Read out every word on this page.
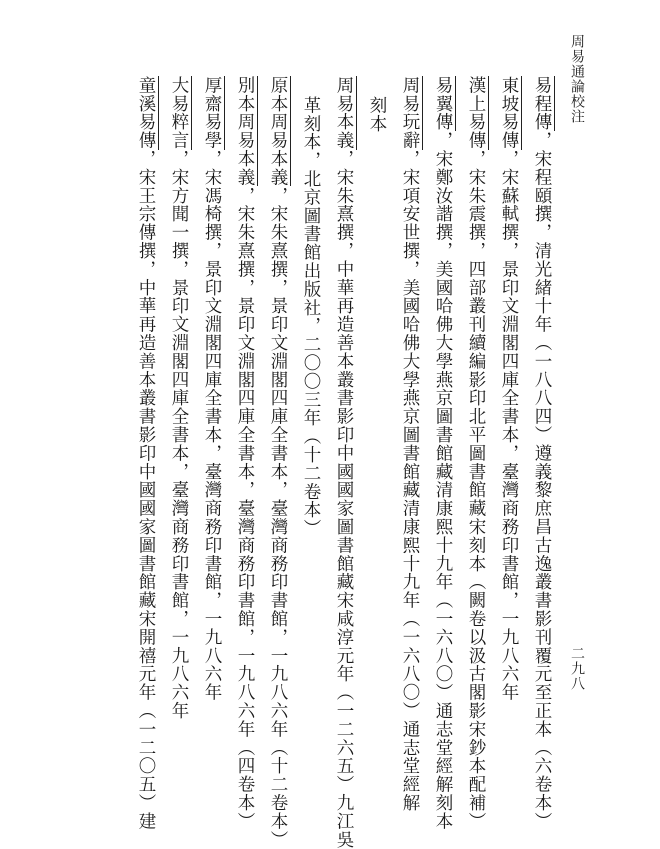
周易通論校注
二九八
易程傳，宋程頤撰，清光緒十年（一八八四）遵義黎庶昌古逸叢書影刊覆元至正本（六卷本）
東坡易傳，宋蘇軾撰，景印文淵閣四庫全書本，臺灣商務印書館，一九八六年
漢上易傳，宋朱震撰，四部叢刊續編影印北平圖書館藏宋刻本（闕卷以汲古閣影宋鈔本配補）
易翼傳，宋鄭汝諧撰，美國哈佛大學燕京圖書館藏清康熙十九年（一六八〇）通志堂經解刻本
周易玩辭，宋項安世撰，美國哈佛大學燕京圖書館藏清康熙十九年（一六八〇）通志堂經解
刻本
周易本義，宋朱熹撰，中華再造善本叢書影印中國國家圖書館藏宋咸淳元年（一二六五）九江吳
革刻本，北京圖書館出版社，二〇〇三年（十二卷本）
原本周易本義，宋朱熹撰，景印文淵閣四庫全書本，臺灣商務印書館，一九八六年（十二卷本）
別本周易本義，宋朱熹撰，景印文淵閣四庫全書本，臺灣商務印書館，一九八六年（四卷本）
厚齋易學，宋馮椅撰，景印文淵閣四庫全書本，臺灣商務印書館，一九八六年
大易粹言，宋方聞一撰，景印文淵閣四庫全書本，臺灣商務印書館，一九八六年
童溪易傳，宋王宗傳撰，中華再造善本叢書影印中國國家圖書館藏宋開禧元年（一二〇五）建
